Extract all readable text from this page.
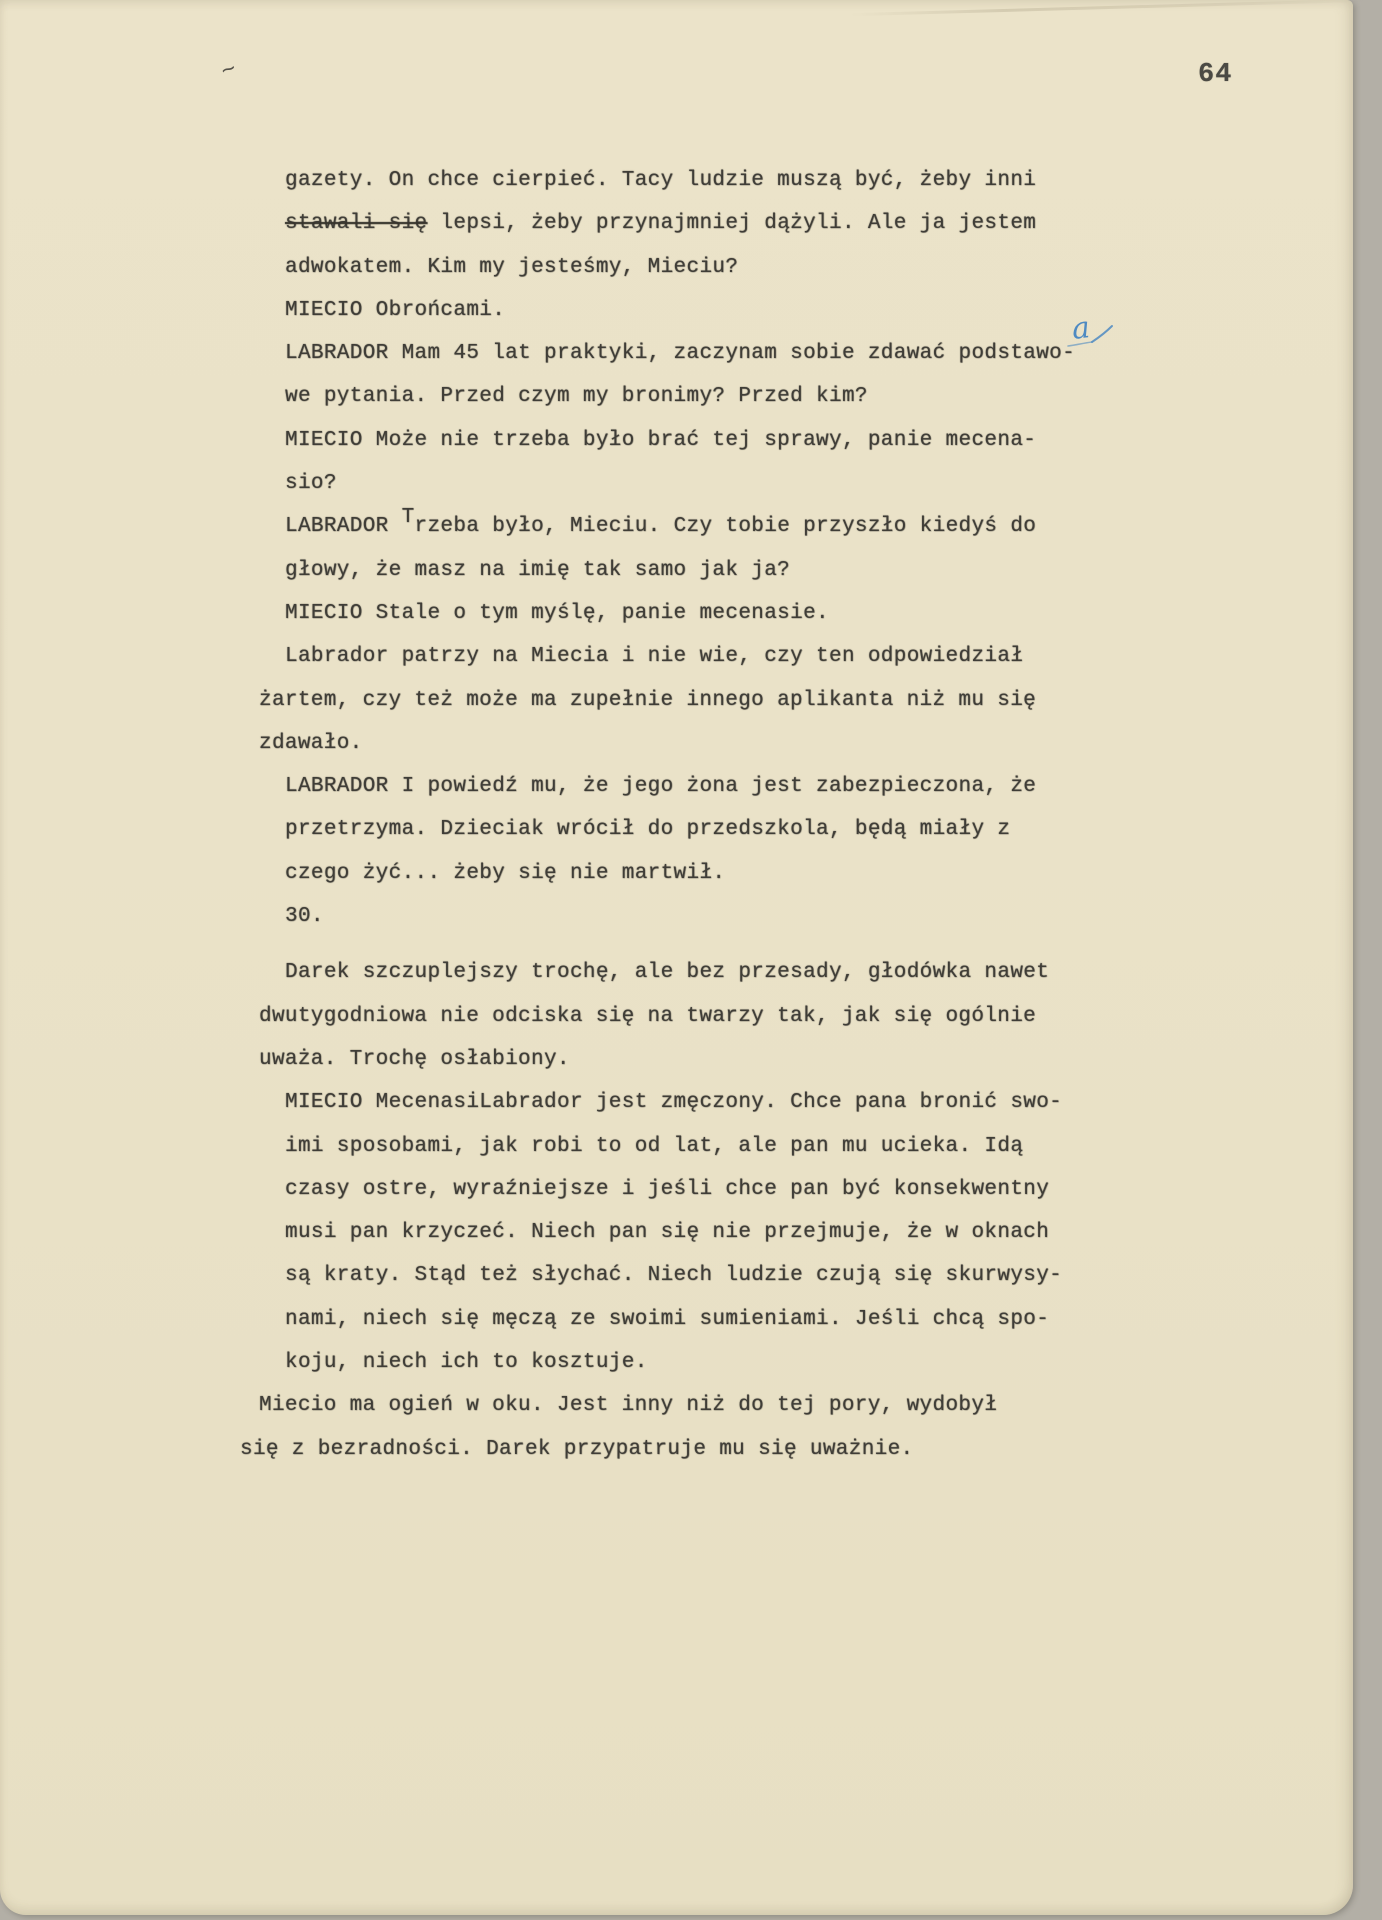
~	64
gazety. On chce cierpieć. Tacy ludzie muszą być, żeby inni
stawali się lepsi, żeby przynajmniej dążyli. Ale ja jestem
adwokatem. Kim my jesteśmy, Mieciu?
MIECIO Obrońcami.
LABRADOR Mam 45 lat praktyki, zaczynam sobie zdawać podstawo-
we pytania. Przed czym my bronimy? Przed kim?
MIECIO Może nie trzeba było brać tej sprawy, panie mecena-
sio?
LABRADOR Trzeba było, Mieciu. Czy tobie przyszło kiedyś do
głowy, że masz na imię tak samo jak ja?
MIECIO Stale o tym myślę, panie mecenasie.
Labrador patrzy na Miecia i nie wie, czy ten odpowiedział
żartem, czy też może ma zupełnie innego aplikanta niż mu się
zdawało.
LABRADOR I powiedź mu, że jego żona jest zabezpieczona, że
przetrzyma. Dzieciak wrócił do przedszkola, będą miały z
czego żyć... żeby się nie martwił.
30.
Darek szczuplejszy trochę, ale bez przesady, głodówka nawet
dwutygodniowa nie odciska się na twarzy tak, jak się ogólnie
uważa. Trochę osłabiony.
MIECIO MecenasiLabrador jest zmęczony. Chce pana bronić swo-
imi sposobami, jak robi to od lat, ale pan mu ucieka. Idą
czasy ostre, wyraźniejsze i jeśli chce pan być konsekwentny
musi pan krzyczeć. Niech pan się nie przejmuje, że w oknach
są kraty. Stąd też słychać. Niech ludzie czują się skurwysy-
nami, niech się męczą ze swoimi sumieniami. Jeśli chcą spo-
koju, niech ich to kosztuje.
Miecio ma ogień w oku. Jest inny niż do tej pory, wydobył
się z bezradności. Darek przypatruje mu się uważnie.
a
